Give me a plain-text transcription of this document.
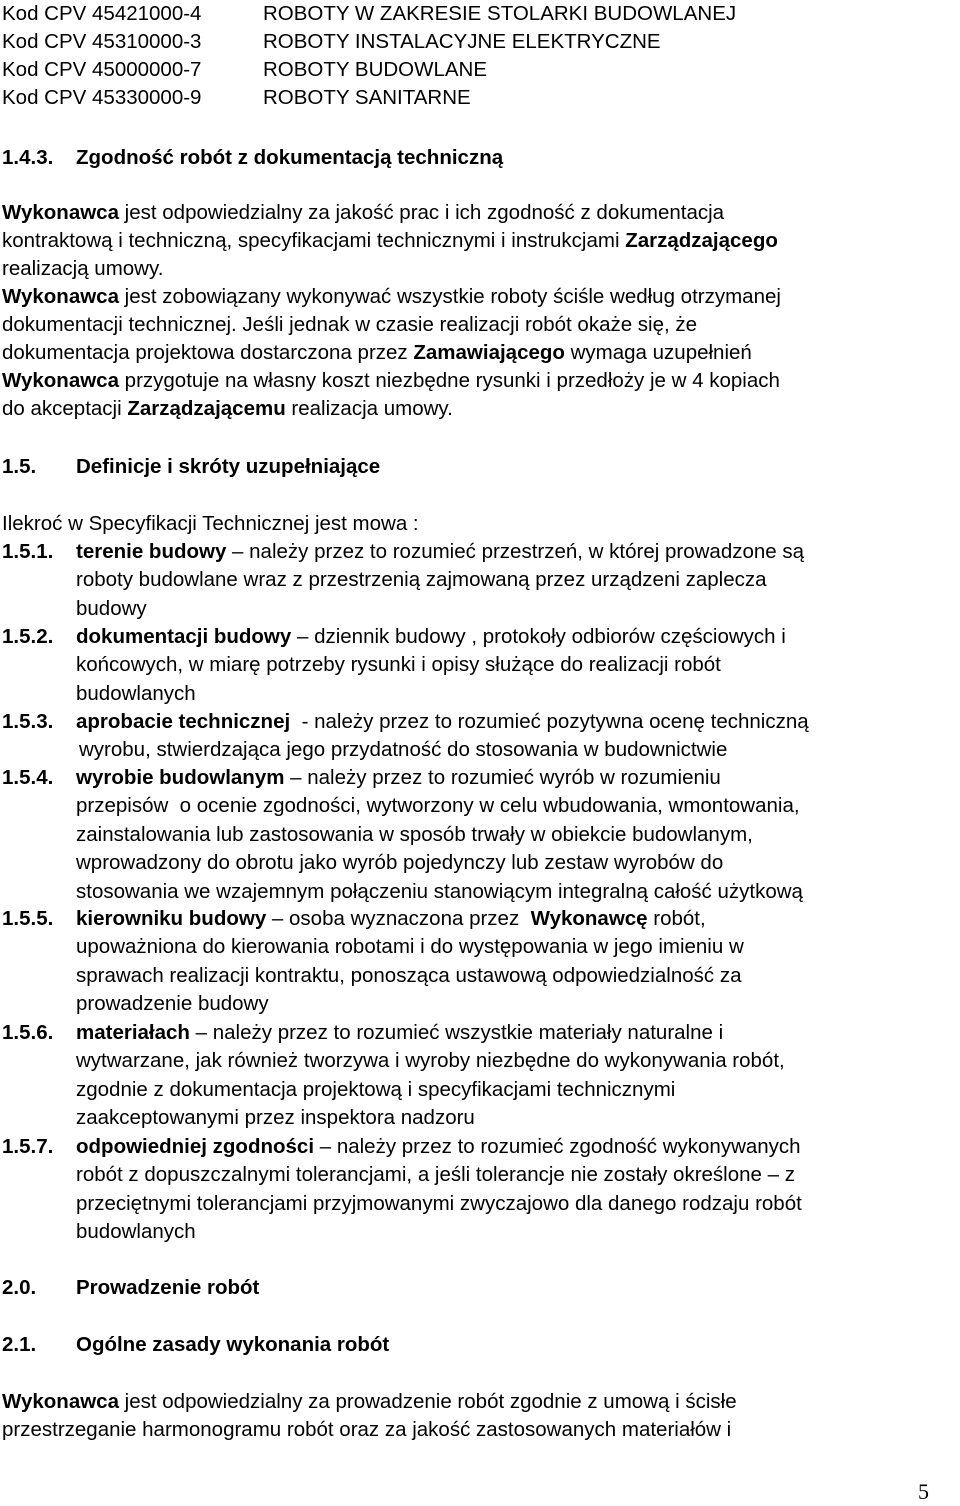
Kod CPV 45421000-4	ROBOTY W ZAKRESIE STOLARKI BUDOWLANEJ
Kod CPV 45310000-3	ROBOTY INSTALACYJNE ELEKTRYCZNE
Kod CPV 45000000-7	ROBOTY BUDOWLANE
Kod CPV 45330000-9	ROBOTY SANITARNE
1.4.3. Zgodność robót z dokumentacją techniczną
Wykonawca jest odpowiedzialny za jakość prac i ich zgodność z dokumentacja
kontraktową i techniczną, specyfikacjami technicznymi i instrukcjami Zarządzającego
realizacją umowy.
Wykonawca jest zobowiązany wykonywać wszystkie roboty ściśle według otrzymanej
dokumentacji technicznej. Jeśli jednak w czasie realizacji robót okaże się, że
dokumentacja projektowa dostarczona przez Zamawiającego wymaga uzupełnień
Wykonawca przygotuje na własny koszt niezbędne rysunki i przedłoży je w 4 kopiach
do akceptacji Zarządzającemu realizacja umowy.
1.5. Definicje i skróty uzupełniające
Ilekroć w Specyfikacji Technicznej jest mowa :
1.5.1. terenie budowy – należy przez to rozumieć przestrzeń, w której prowadzone są
roboty budowlane wraz z przestrzenią zajmowaną przez urządzeni zaplecza
budowy
1.5.2. dokumentacji budowy – dziennik budowy , protokoły odbiorów częściowych i
końcowych, w miarę potrzeby rysunki i opisy służące do realizacji robót
budowlanych
1.5.3. aprobacie technicznej  - należy przez to rozumieć pozytywna ocenę techniczną
wyrobu, stwierdzająca jego przydatność do stosowania w budownictwie
1.5.4. wyrobie budowlanym – należy przez to rozumieć wyrób w rozumieniu
przepisów  o ocenie zgodności, wytworzony w celu wbudowania, wmontowania,
zainstalowania lub zastosowania w sposób trwały w obiekcie budowlanym,
wprowadzony do obrotu jako wyrób pojedynczy lub zestaw wyrobów do
stosowania we wzajemnym połączeniu stanowiącym integralną całość użytkową
1.5.5. kierowniku budowy – osoba wyznaczona przez  Wykonawcę robót,
upoważniona do kierowania robotami i do występowania w jego imieniu w
sprawach realizacji kontraktu, ponosząca ustawową odpowiedzialność za
prowadzenie budowy
1.5.6. materiałach – należy przez to rozumieć wszystkie materiały naturalne i
wytwarzane, jak również tworzywa i wyroby niezbędne do wykonywania robót,
zgodnie z dokumentacja projektową i specyfikacjami technicznymi
zaakceptowanymi przez inspektora nadzoru
1.5.7. odpowiedniej zgodności – należy przez to rozumieć zgodność wykonywanych
robót z dopuszczalnymi tolerancjami, a jeśli tolerancje nie zostały określone – z
przeciętnymi tolerancjami przyjmowanymi zwyczajowo dla danego rodzaju robót
budowlanych
2.0. Prowadzenie robót
2.1. Ogólne zasady wykonania robót
Wykonawca jest odpowiedzialny za prowadzenie robót zgodnie z umową i ścisłe
przestrzeganie harmonogramu robót oraz za jakość zastosowanych materiałów i
5
